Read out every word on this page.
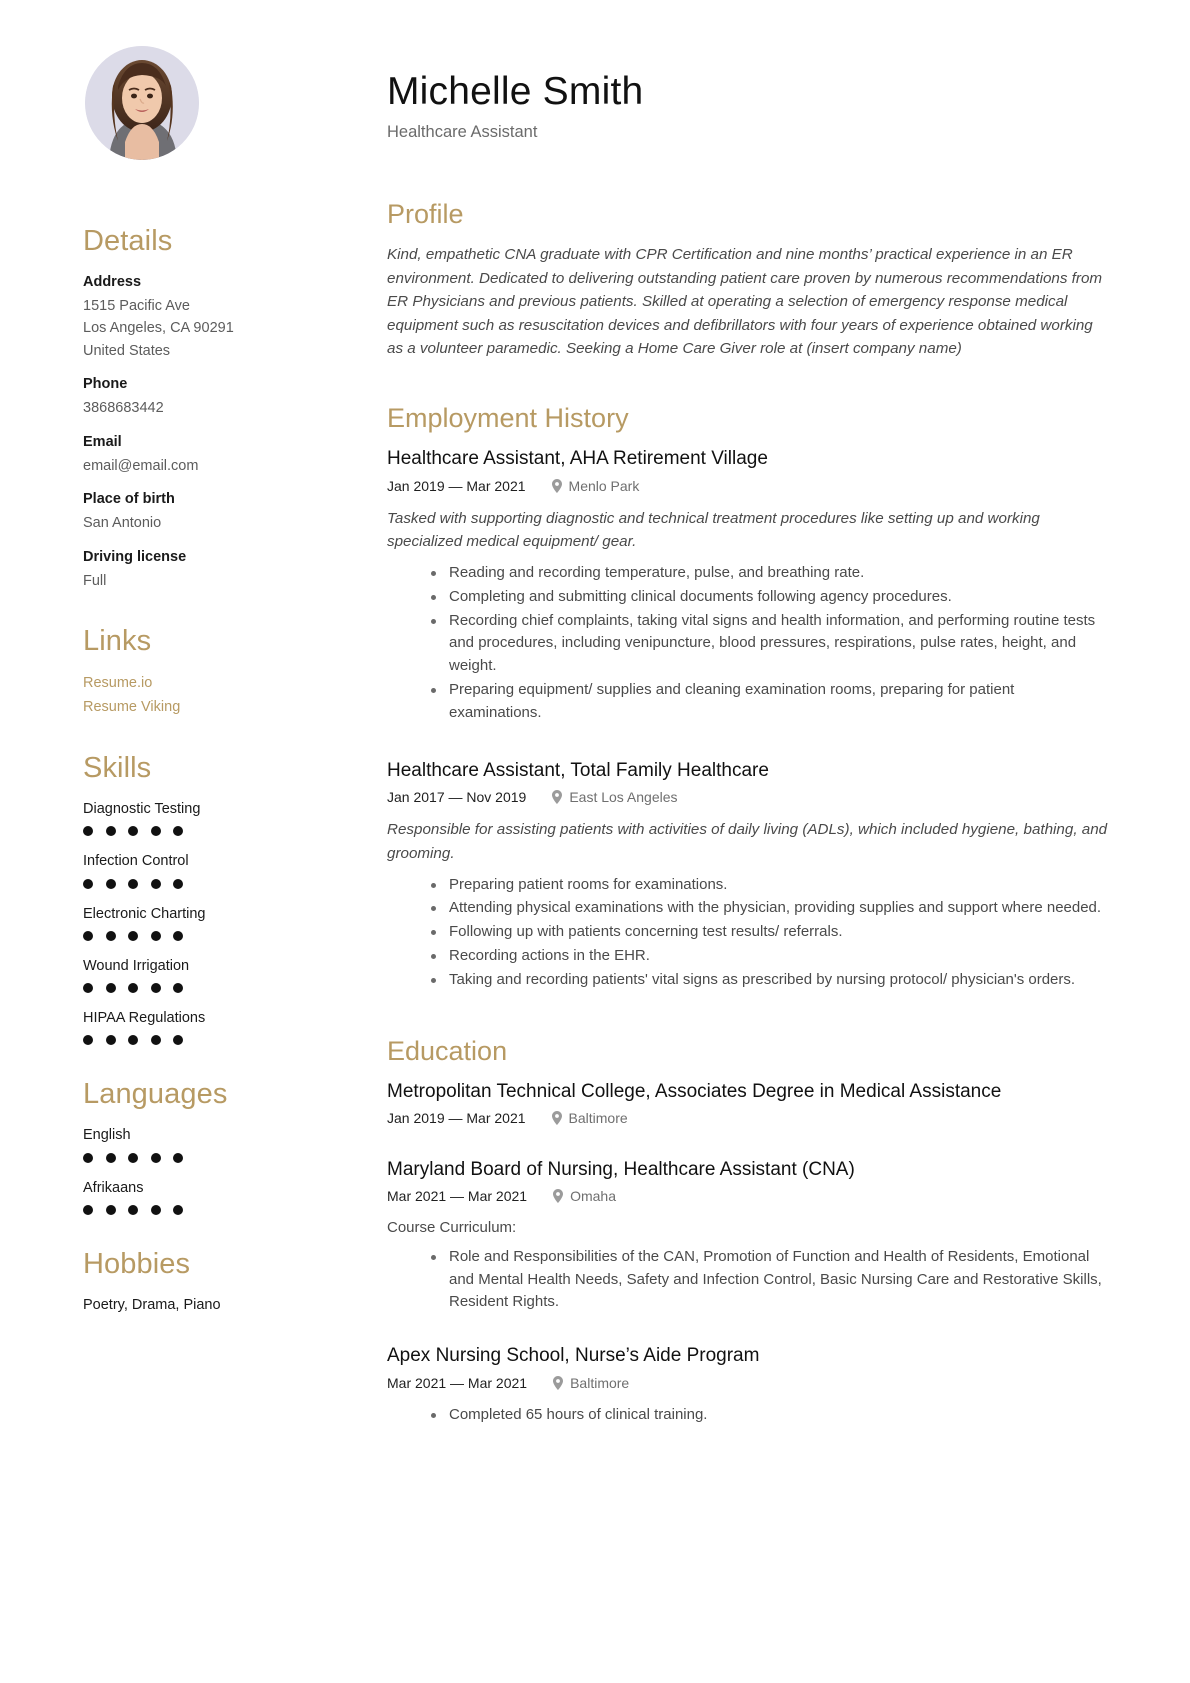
Details
Address
1515 Pacific Ave
Los Angeles, CA 90291
United States
Phone
3868683442
Email
email@email.com
Place of birth
San Antonio
Driving license
Full
Links
Resume.io
Resume Viking
Skills
Diagnostic Testing
Infection Control
Electronic Charting
Wound Irrigation
HIPAA Regulations
Languages
English
Afrikaans
Hobbies
Poetry, Drama, Piano
Michelle Smith
Healthcare Assistant
Profile

Kind, empathetic CNA graduate with CPR Certification and nine months’ practical experience in an ER environment. Dedicated to delivering outstanding patient care proven by numerous recommendations from ER Physicians and previous patients. Skilled at operating a selection of emergency response medical equipment such as resuscitation devices and defibrillators with four years of experience obtained working as a volunteer paramedic. Seeking a Home Care Giver role at (insert company name)

Employment History
Healthcare Assistant, AHA Retirement Village
Jan 2019 — Mar 2021	Menlo Park

Tasked with supporting diagnostic and technical treatment procedures like setting up and working specialized medical equipment/ gear.

Reading and recording temperature, pulse, and breathing rate.
Completing and submitting clinical documents following agency procedures.
Recording chief complaints, taking vital signs and health information, and performing routine tests and procedures, including venipuncture, blood pressures, respirations, pulse rates, height, and weight.
Preparing equipment/ supplies and cleaning examination rooms, preparing for patient examinations.
Healthcare Assistant, Total Family Healthcare
Jan 2017 — Nov 2019	East Los Angeles

Responsible for assisting patients with activities of daily living (ADLs), which included hygiene, bathing, and grooming.

Preparing patient rooms for examinations.
Attending physical examinations with the physician, providing supplies and support where needed.
Following up with patients concerning test results/ referrals.
Recording actions in the EHR.
Taking and recording patients' vital signs as prescribed by nursing protocol/ physician's orders.
Education
Metropolitan Technical College, Associates Degree in Medical Assistance
Jan 2019 — Mar 2021	Baltimore
Maryland Board of Nursing, Healthcare Assistant (CNA)
Mar 2021 — Mar 2021	Omaha

Course Curriculum:

Role and Responsibilities of the CAN, Promotion of Function and Health of Residents, Emotional and Mental Health Needs, Safety and Infection Control, Basic Nursing Care and Restorative Skills, Resident Rights.
Apex Nursing School, Nurse’s Aide Program
Mar 2021 — Mar 2021	Baltimore
Completed 65 hours of clinical training.
